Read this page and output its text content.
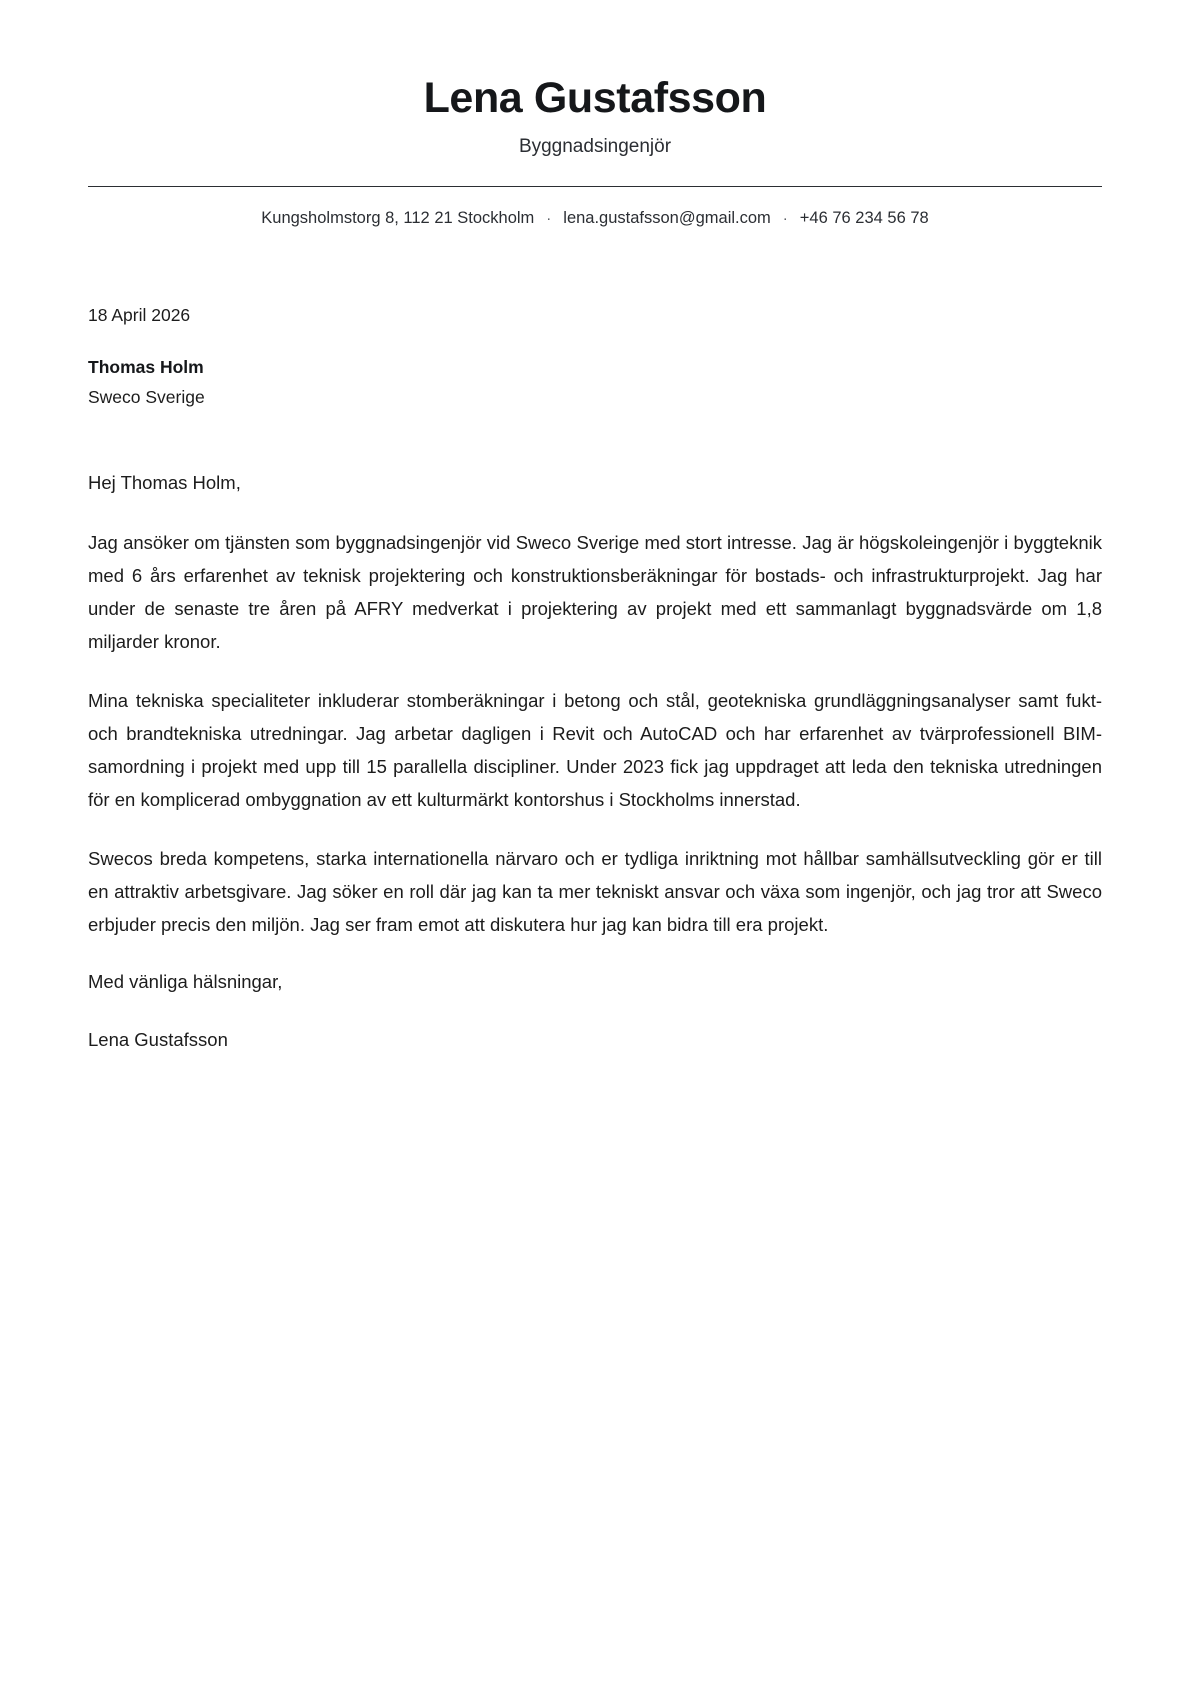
Lena Gustafsson
Byggnadsingenjör
Kungsholmstorg 8, 112 21 Stockholm · lena.gustafsson@gmail.com · +46 76 234 56 78
18 April 2026
Thomas Holm
Sweco Sverige

Hej Thomas Holm,

Jag ansöker om tjänsten som byggnadsingenjör vid Sweco Sverige med stort intresse. Jag är högskoleingenjör i byggteknik med 6 års erfarenhet av teknisk projektering och konstruktionsberäkningar för bostads- och infrastrukturprojekt. Jag har under de senaste tre åren på AFRY medverkat i projektering av projekt med ett sammanlagt byggnadsvärde om 1,8 miljarder kronor.

Mina tekniska specialiteter inkluderar stomberäkningar i betong och stål, geotekniska grundläggningsanalyser samt fukt- och brandtekniska utredningar. Jag arbetar dagligen i Revit och AutoCAD och har erfarenhet av tvärprofessionell BIM-samordning i projekt med upp till 15 parallella discipliner. Under 2023 fick jag uppdraget att leda den tekniska utredningen för en komplicerad ombyggnation av ett kulturmärkt kontorshus i Stockholms innerstad.

Swecos breda kompetens, starka internationella närvaro och er tydliga inriktning mot hållbar samhällsutveckling gör er till en attraktiv arbetsgivare. Jag söker en roll där jag kan ta mer tekniskt ansvar och växa som ingenjör, och jag tror att Sweco erbjuder precis den miljön. Jag ser fram emot att diskutera hur jag kan bidra till era projekt.

Med vänliga hälsningar,

Lena Gustafsson
